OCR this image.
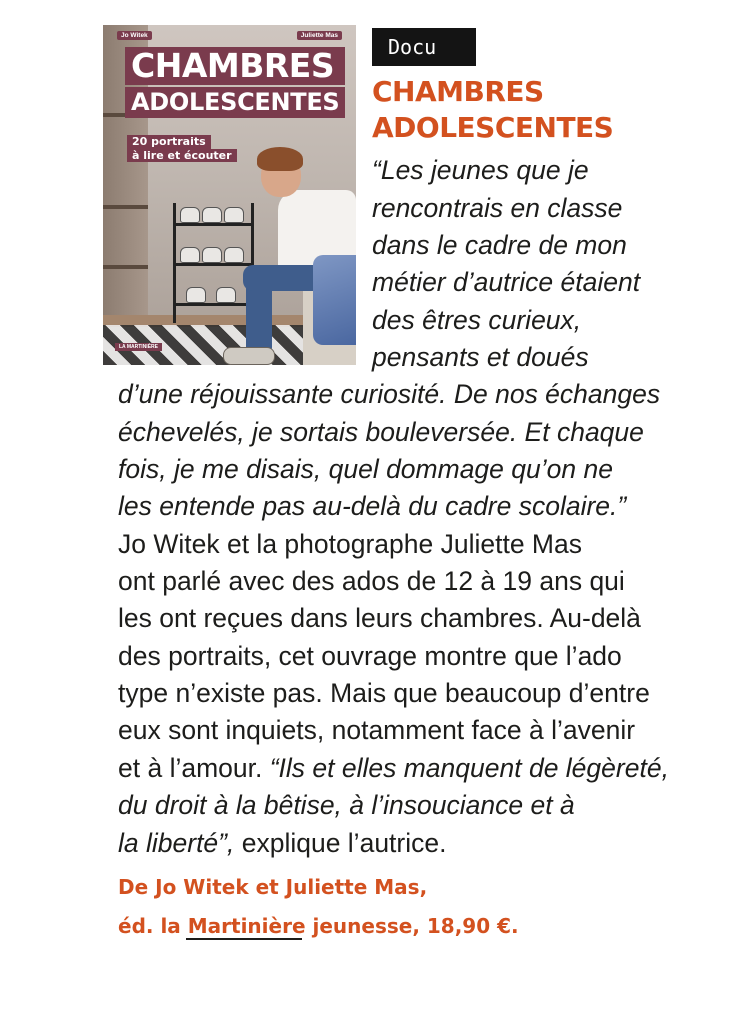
Jo Witek	Juliette Mas
CHAMBRES
ADOLESCENTES
20 portraits
à lire et écouter
LA MARTINIÈRE
Docu
CHAMBRES
ADOLESCENTES
“Les jeunes que je
rencontrais en classe
dans le cadre de mon
métier d’autrice étaient
des êtres curieux,
pensants et doués
d’une réjouissante curiosité. De nos échanges
échevelés, je sortais bouleversée. Et chaque
fois, je me disais, quel dommage qu’on ne
les entende pas au-delà du cadre scolaire.”
Jo Witek et la photographe Juliette Mas
ont parlé avec des ados de 12 à 19 ans qui
les ont reçues dans leurs chambres. Au-delà
des portraits, cet ouvrage montre que l’ado
type n’existe pas. Mais que beaucoup d’entre
eux sont inquiets, notamment face à l’avenir
et à l’amour. “Ils et elles manquent de légèreté,
du droit à la bêtise, à l’insouciance et à
la liberté”, explique l’autrice.
De Jo Witek et Juliette Mas,
éd. la Martinière jeunesse, 18,90 €.
